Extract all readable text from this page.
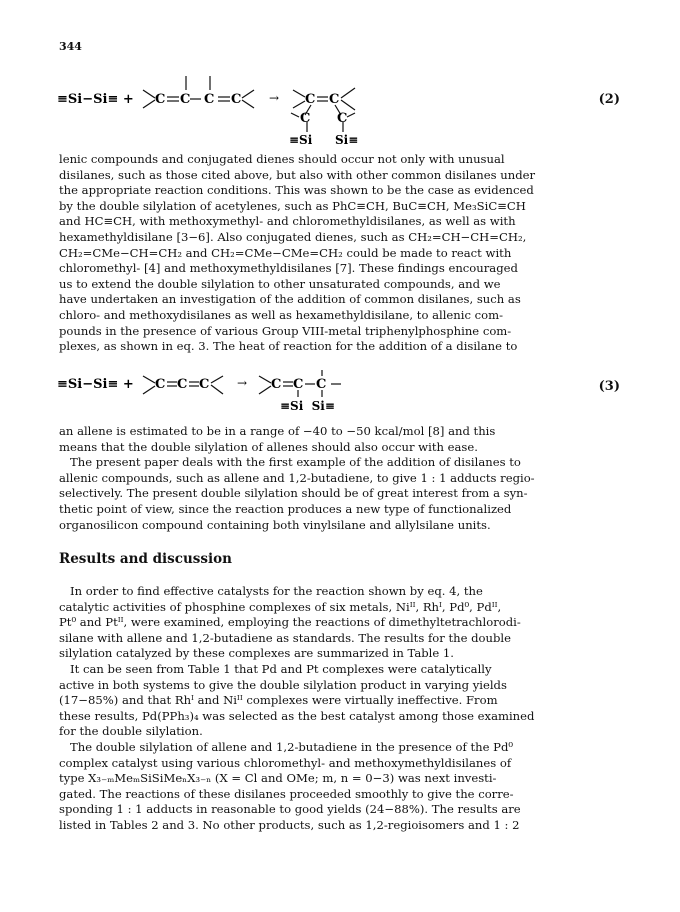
344
≡Si−Si≡ + C C C C → C C
C C
≡Si Si≡
(2)
lenic compounds and conjugated dienes should occur not only with unusual
disilanes, such as those cited above, but also with other common disilanes under
the appropriate reaction conditions. This was shown to be the case as evidenced
by the double silylation of acetylenes, such as PhC≡CH, BuC≡CH, Me₃SiC≡CH
and HC≡CH, with methoxymethyl- and chloromethyldisilanes, as well as with
hexamethyldisilane [3−6]. Also conjugated dienes, such as CH₂=CH−CH=CH₂,
CH₂=CMe−CH=CH₂ and CH₂=CMe−CMe=CH₂ could be made to react with
chloromethyl- [4] and methoxymethyldisilanes [7]. These findings encouraged
us to extend the double silylation to other unsaturated compounds, and we
have undertaken an investigation of the addition of common disilanes, such as
chloro- and methoxydisilanes as well as hexamethyldisilane, to allenic com-
pounds in the presence of various Group VIII-metal triphenylphosphine com-
plexes, as shown in eq. 3. The heat of reaction for the addition of a disilane to
≡Si−Si≡ + C C C → C C C
≡Si  Si≡
(3)
an allene is estimated to be in a range of −40 to −50 kcal/mol [8] and this
means that the double silylation of allenes should also occur with ease.
The present paper deals with the first example of the addition of disilanes to
allenic compounds, such as allene and 1,2-butadiene, to give 1 : 1 adducts regio-
selectively. The present double silylation should be of great interest from a syn-
thetic point of view, since the reaction produces a new type of functionalized
organosilicon compound containing both vinylsilane and allylsilane units.
Results and discussion
In order to find effective catalysts for the reaction shown by eq. 4, the
catalytic activities of phosphine complexes of six metals, Niᴵᴵ, Rhᴵ, Pd⁰, Pdᴵᴵ,
Pt⁰ and Ptᴵᴵ, were examined, employing the reactions of dimethyltetrachlorodi-
silane with allene and 1,2-butadiene as standards. The results for the double
silylation catalyzed by these complexes are summarized in Table 1.
It can be seen from Table 1 that Pd and Pt complexes were catalytically
active in both systems to give the double silylation product in varying yields
(17−85%) and that Rhᴵ and Niᴵᴵ complexes were virtually ineffective. From
these results, Pd(PPh₃)₄ was selected as the best catalyst among those examined
for the double silylation.
The double silylation of allene and 1,2-butadiene in the presence of the Pd⁰
complex catalyst using various chloromethyl- and methoxymethyldisilanes of
type X₃₋ₘMeₘSiSiMeₙX₃₋ₙ (X = Cl and OMe; m, n = 0−3) was next investi-
gated. The reactions of these disilanes proceeded smoothly to give the corre-
sponding 1 : 1 adducts in reasonable to good yields (24−88%). The results are
listed in Tables 2 and 3. No other products, such as 1,2-regioisomers and 1 : 2
